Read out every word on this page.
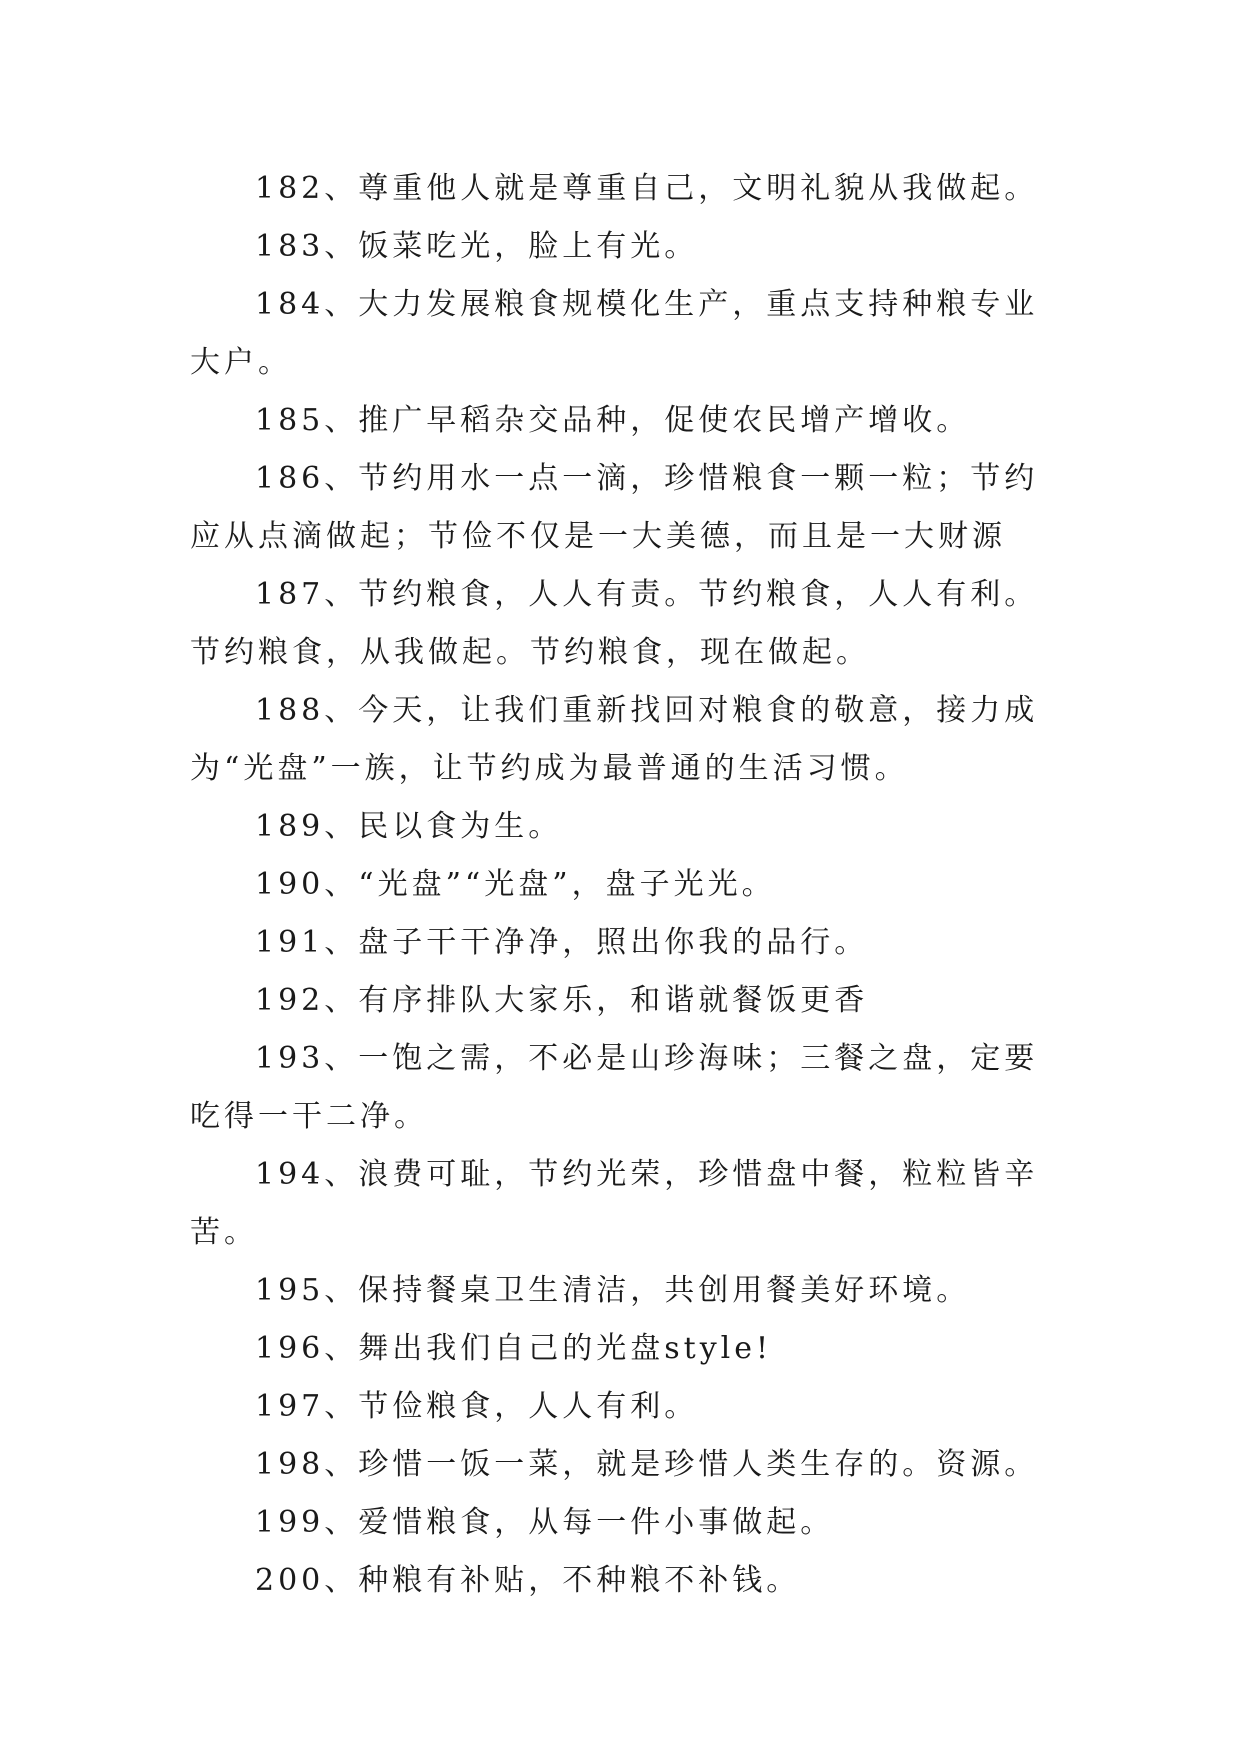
182、尊重他人就是尊重自己，文明礼貌从我做起。

183、饭菜吃光，脸上有光。

184、大力发展粮食规模化生产，重点支持种粮专业大户。

185、推广早稻杂交品种，促使农民增产增收。

186、节约用水一点一滴，珍惜粮食一颗一粒；节约应从点滴做起；节俭不仅是一大美德，而且是一大财源

187、节约粮食，人人有责。节约粮食，人人有利。节约粮食，从我做起。节约粮食，现在做起。

188、今天，让我们重新找回对粮食的敬意，接力成为“光盘”一族，让节约成为最普通的生活习惯。

189、民以食为生。

190、“光盘”“光盘”，盘子光光。

191、盘子干干净净，照出你我的品行。

192、有序排队大家乐，和谐就餐饭更香

193、一饱之需，不必是山珍海味；三餐之盘，定要吃得一干二净。

194、浪费可耻，节约光荣，珍惜盘中餐，粒粒皆辛苦。

195、保持餐桌卫生清洁，共创用餐美好环境。

196、舞出我们自己的光盘style!

197、节俭粮食，人人有利。

198、珍惜一饭一菜，就是珍惜人类生存的。资源。

199、爱惜粮食，从每一件小事做起。

200、种粮有补贴，不种粮不补钱。
